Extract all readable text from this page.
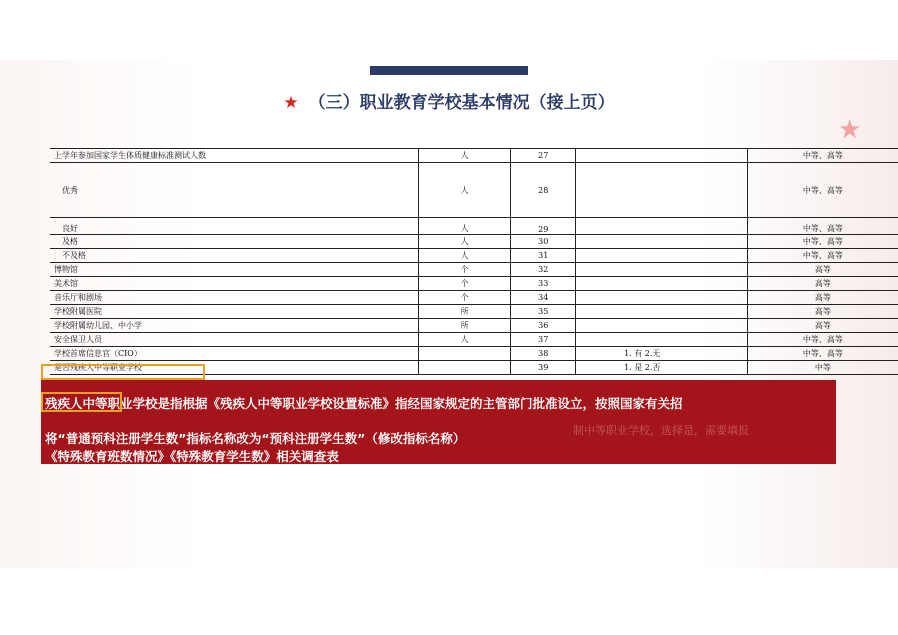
★ （三）职业教育学校基本情况（接上页）
★
上学年参加国家学生体质健康标准测试人数	人	27			中等、高等
优秀	人	28			中等、高等
良好	人	29			中等、高等
及格	人	30			中等、高等
不及格	人	31			中等、高等
博物馆	个	32			高等
美术馆	个	33			高等
音乐厅和剧场	个	34			高等
学校附属医院	所	35			高等
学校附属幼儿园、中小学	所	36			高等
安全保卫人员	人	37			中等、高等
学校首席信息官（CIO）		38	1. 有 2.无		中等、高等
是否残疾人中等职业学校		39	1. 是 2.否		中等
制中等职业学校，选择是，需要填报
残疾人中等职业学校是指根据《残疾人中等职业学校设置标准》指经国家规定的主管部门批准设立，按照国家有关招
将“普通预科注册学生数”指标名称改为“预科注册学生数”（修改指标名称）
《特殊教育班数情况》《特殊教育学生数》相关调查表
